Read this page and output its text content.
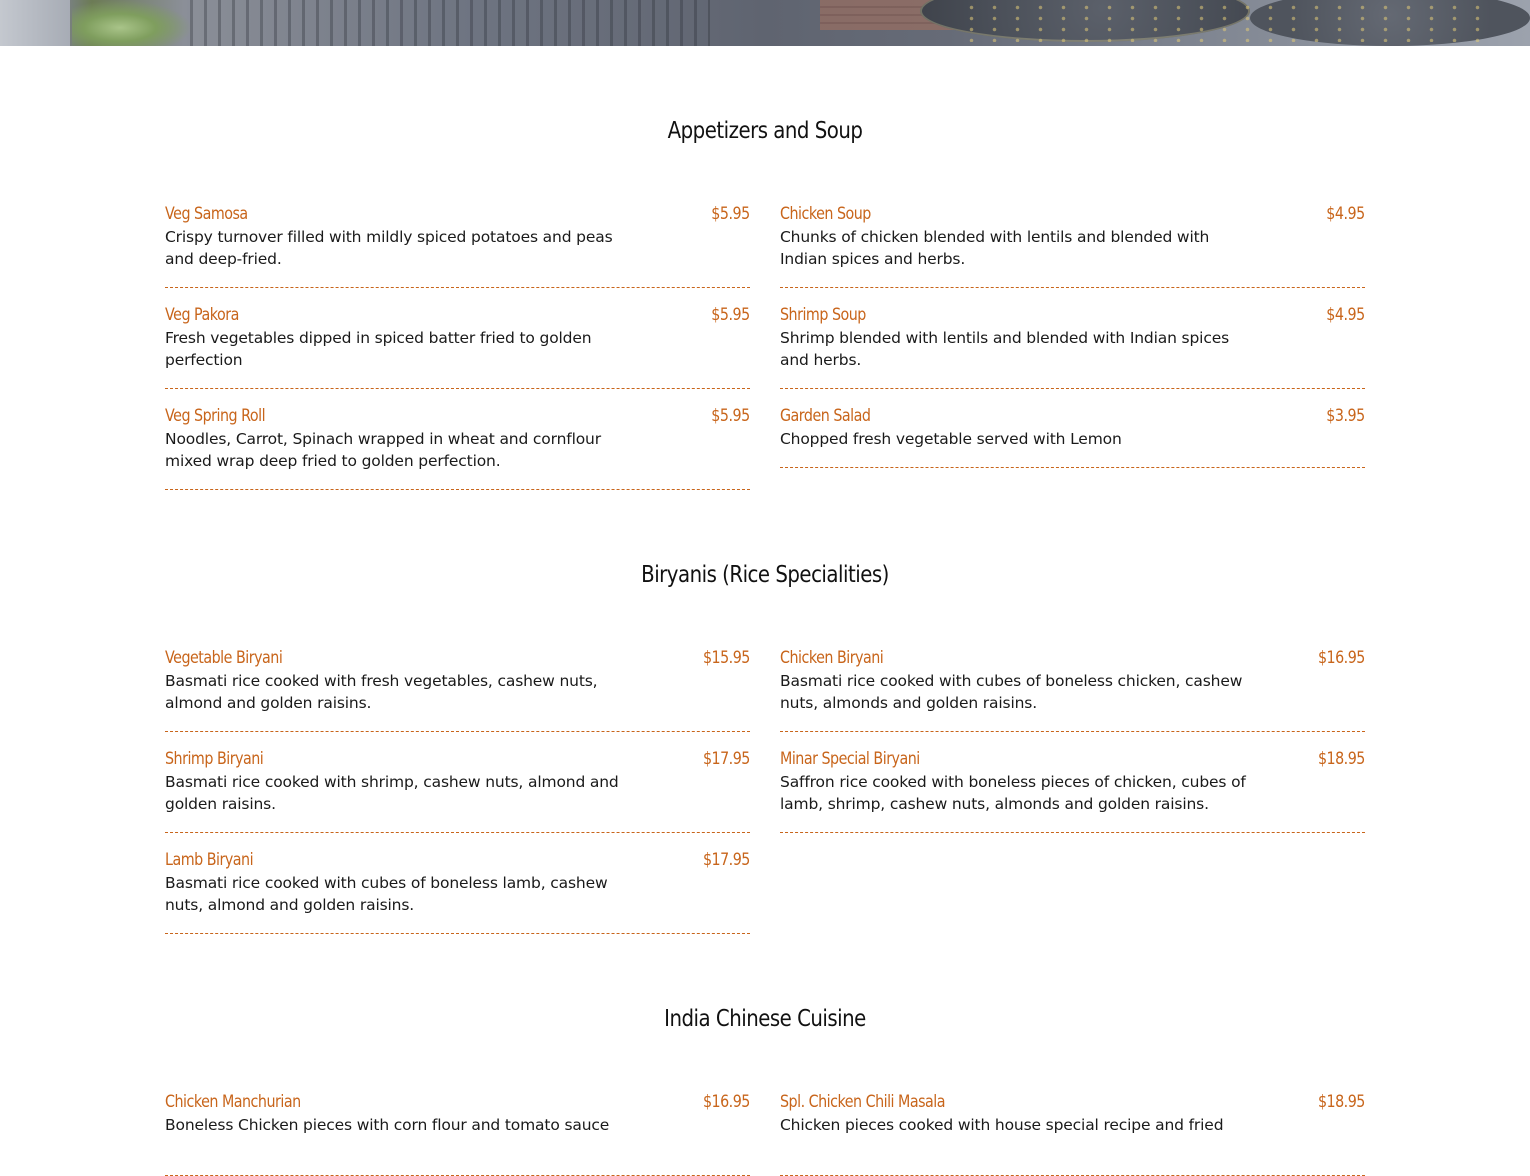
Appetizers and Soup
Veg Samosa	$5.95
Crispy turnover filled with mildly spiced potatoes and peas and deep-fried.
Veg Pakora	$5.95
Fresh vegetables dipped in spiced batter fried to golden perfection
Veg Spring Roll	$5.95
Noodles, Carrot, Spinach wrapped in wheat and cornflour mixed wrap deep fried to golden perfection.
Chicken Soup	$4.95
Chunks of chicken blended with lentils and blended with Indian spices and herbs.
Shrimp Soup	$4.95
Shrimp blended with lentils and blended with Indian spices and herbs.
Garden Salad	$3.95
Chopped fresh vegetable served with Lemon
Biryanis (Rice Specialities)
Vegetable Biryani	$15.95
Basmati rice cooked with fresh vegetables, cashew nuts, almond and golden raisins.
Shrimp Biryani	$17.95
Basmati rice cooked with shrimp, cashew nuts, almond and golden raisins.
Lamb Biryani	$17.95
Basmati rice cooked with cubes of boneless lamb, cashew nuts, almond and golden raisins.
Chicken Biryani	$16.95
Basmati rice cooked with cubes of boneless chicken, cashew nuts, almonds and golden raisins.
Minar Special Biryani	$18.95
Saffron rice cooked with boneless pieces of chicken, cubes of lamb, shrimp, cashew nuts, almonds and golden raisins.
India Chinese Cuisine
Chicken Manchurian	$16.95
Boneless Chicken pieces with corn flour and tomato sauce
Spl. Chicken Chili Masala	$18.95
Chicken pieces cooked with house special recipe and fried
